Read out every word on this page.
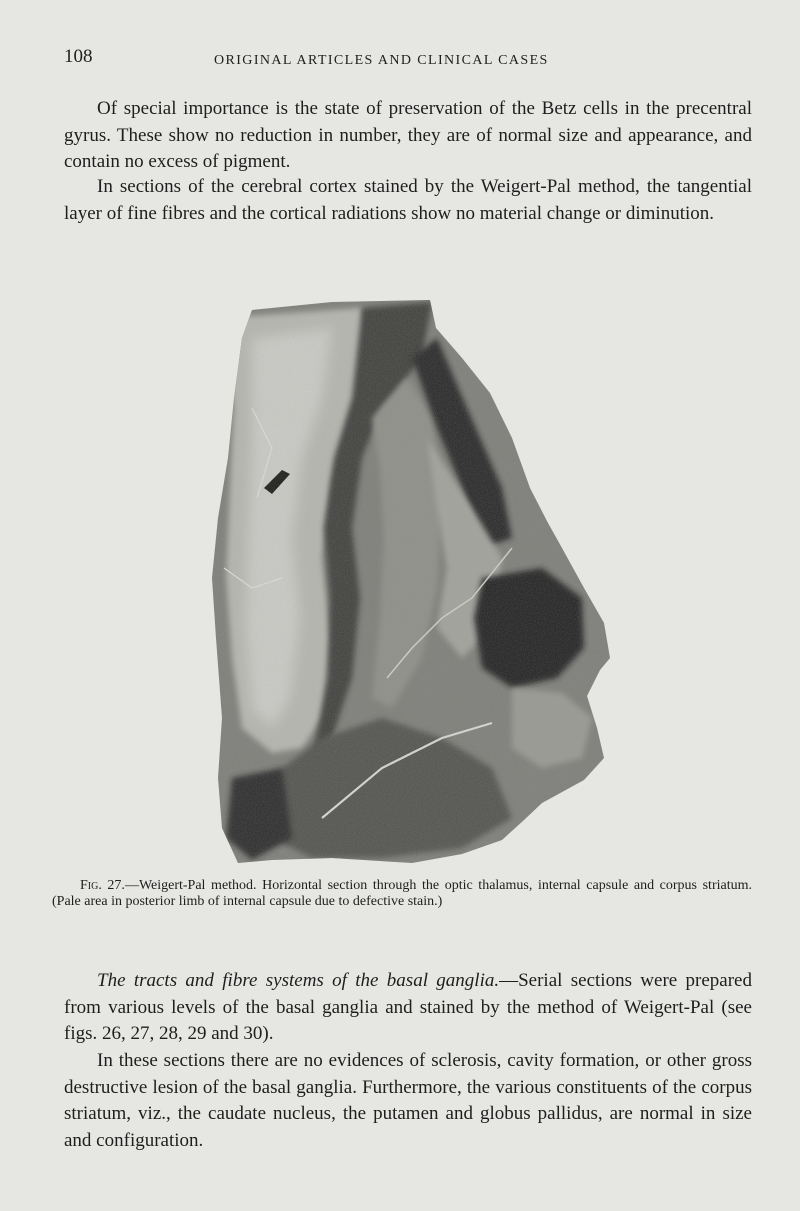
108	ORIGINAL ARTICLES AND CLINICAL CASES

Of special importance is the state of preservation of the Betz cells in the precentral gyrus. These show no reduction in number, they are of normal size and appearance, and contain no excess of pigment.

In sections of the cerebral cortex stained by the Weigert-Pal method, the tangential layer of fine fibres and the cortical radiations show no material change or diminution.

Fig. 27.—Weigert-Pal method. Horizontal section through the optic thalamus, internal capsule and corpus striatum. (Pale area in posterior limb of internal capsule due to defective stain.)

The tracts and fibre systems of the basal ganglia.—Serial sections were prepared from various levels of the basal ganglia and stained by the method of Weigert-Pal (see figs. 26, 27, 28, 29 and 30).

In these sections there are no evidences of sclerosis, cavity formation, or other gross destructive lesion of the basal ganglia. Furthermore, the various constituents of the corpus striatum, viz., the caudate nucleus, the putamen and globus pallidus, are normal in size and configuration.
